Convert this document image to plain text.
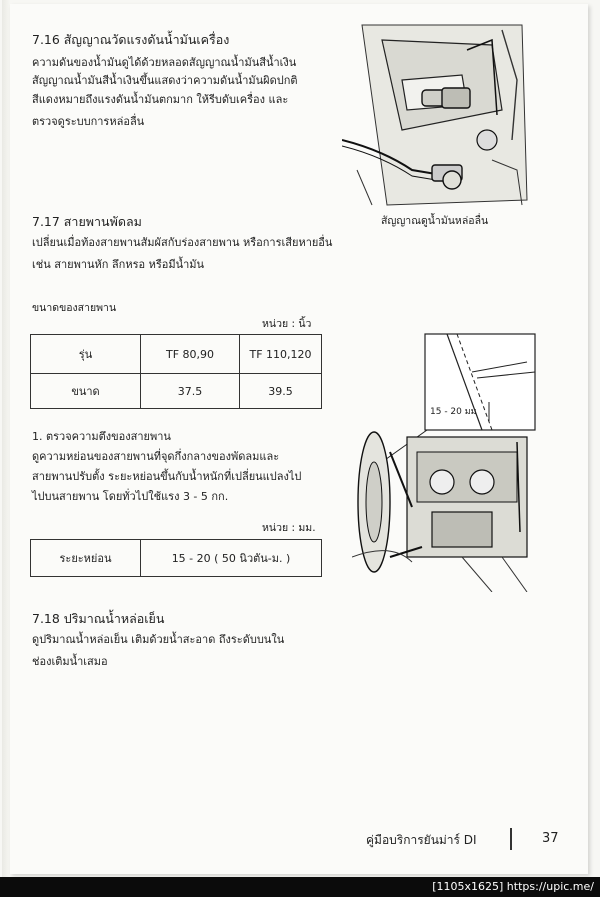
7.16 สัญญาณวัดแรงดันน้ำมันเครื่อง
ความดันของน้ำมันดูได้ด้วยหลอดสัญญาณน้ำมันสีน้ำเงิน
สัญญาณน้ำมันสีน้ำเงินขึ้นแสดงว่าความดันน้ำมันผิดปกติ
สีแดงหมายถึงแรงดันน้ำมันตกมาก ให้รีบดับเครื่อง และ
ตรวจดูระบบการหล่อลื่น
สัญญาณดูน้ำมันหล่อลื่น
7.17 สายพานพัดลม
เปลี่ยนเมื่อท้องสายพานสัมผัสกับร่องสายพาน หรือการเสียหายอื่น
เช่น สายพานหัก ลึกหรอ หรือมีน้ำมัน
ขนาดของสายพาน
หน่วย : นิ้ว
รุ่น	TF 80,90	TF 110,120
ขนาด	37.5	39.5
1. ตรวจความตึงของสายพาน
ดูความหย่อนของสายพานที่จุดกึ่งกลางของพัดลมและ
สายพานปรับตั้ง ระยะหย่อนขึ้นกับน้ำหนักที่เปลี่ยนแปลงไป
ไปบนสายพาน โดยทั่วไปใช้แรง 3 - 5 กก.
หน่วย : มม.
ระยะหย่อน	15 - 20 ( 50 นิวตัน-ม. )
15 - 20 มม
7.18 ปริมาณน้ำหล่อเย็น
ดูปริมาณน้ำหล่อเย็น เติมด้วยน้ำสะอาด ถึงระดับบนใน
ช่องเติมน้ำเสมอ
คู่มือบริการยันม่าร์ DI	37
[1105x1625] https://upic.me/
